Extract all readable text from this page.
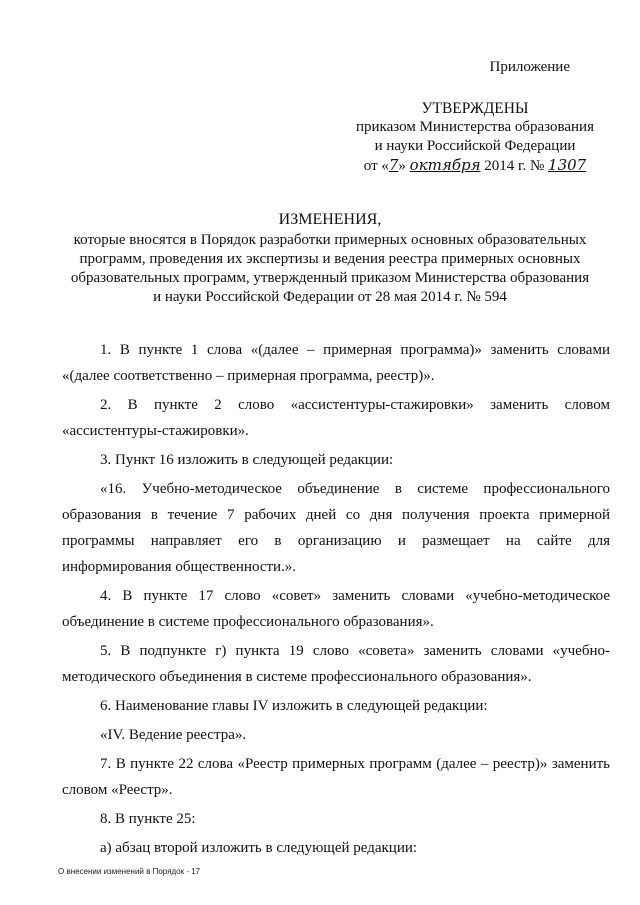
Приложение
УТВЕРЖДЕНЫ
приказом Министерства образования
и науки Российской Федерации
от «7» октября 2014 г. № 1307
ИЗМЕНЕНИЯ,
которые вносятся в Порядок разработки примерных основных образовательных
программ, проведения их экспертизы и ведения реестра примерных основных
образовательных программ, утвержденный приказом Министерства образования
и науки Российской Федерации от 28 мая 2014 г. № 594

1. В пункте 1 слова «(далее – примерная программа)» заменить словами «(далее соответственно – примерная программа, реестр)».

2. В пункте 2 слово «ассистентуры-стажировки» заменить словом «ассистентуры-стажировки».

3. Пункт 16 изложить в следующей редакции:

«16. Учебно-методическое объединение в системе профессионального образования в течение 7 рабочих дней со дня получения проекта примерной программы направляет его в организацию и размещает на сайте для информирования общественности.».

4. В пункте 17 слово «совет» заменить словами «учебно-методическое объединение в системе профессионального образования».

5. В подпункте г) пункта 19 слово «совета» заменить словами «учебно-методического объединения в системе профессионального образования».

6. Наименование главы IV изложить в следующей редакции:

«IV. Ведение реестра».

7. В пункте 22 слова «Реестр примерных программ (далее – реестр)» заменить словом «Реестр».

8. В пункте 25:

а) абзац второй изложить в следующей редакции:

О внесении изменений в Порядок - 17
